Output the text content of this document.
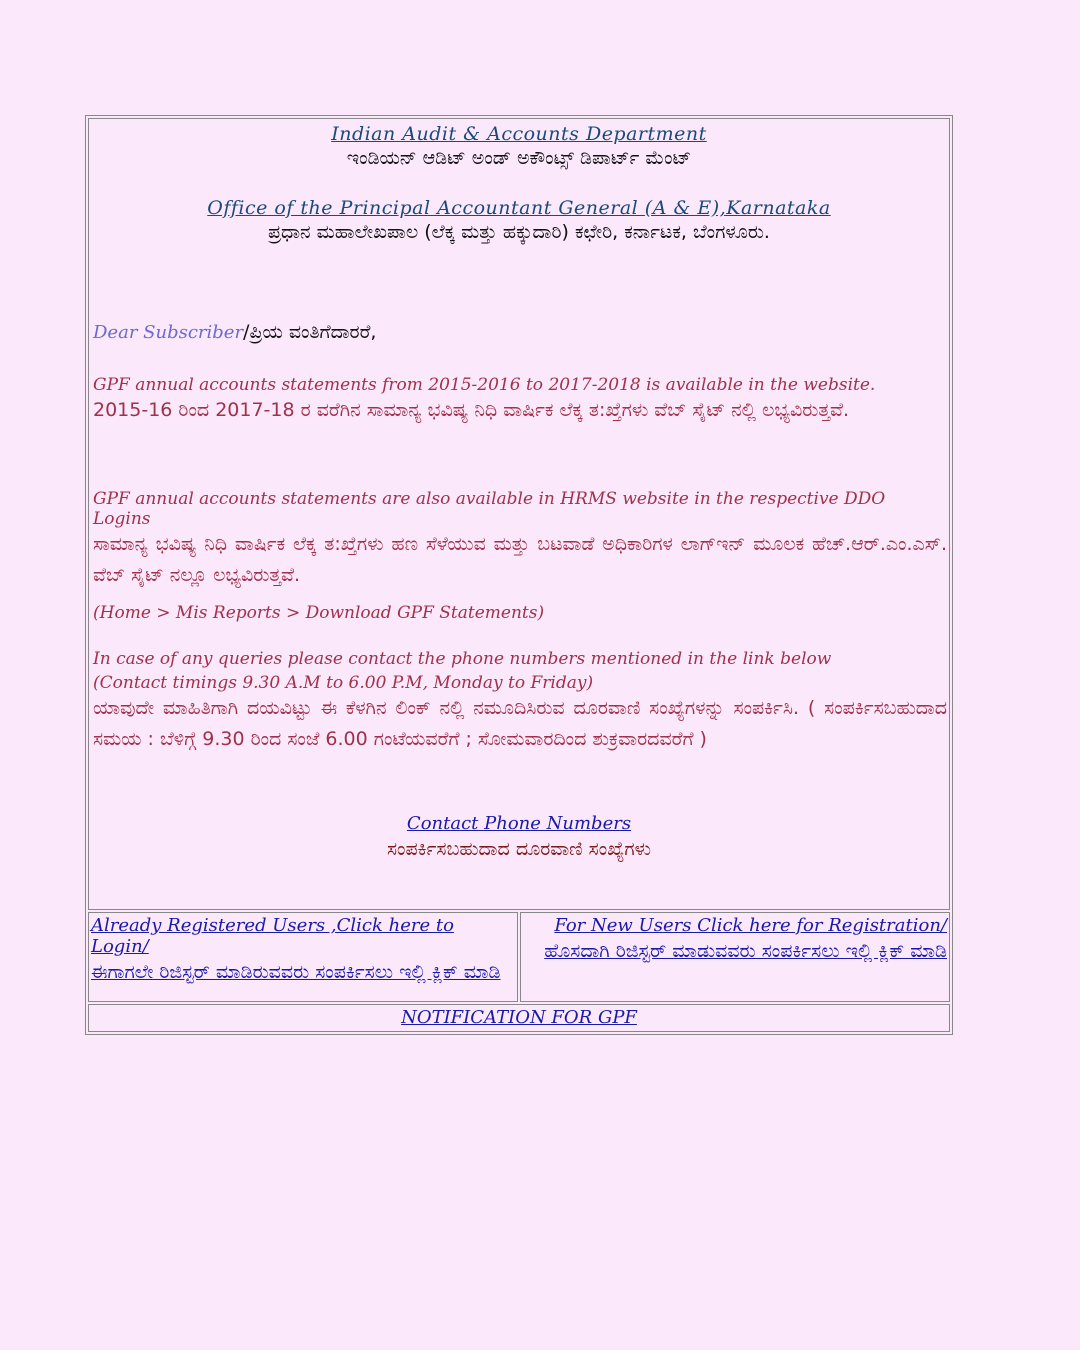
Indian Audit & Accounts Department
ಇಂಡಿಯನ್ ಆಡಿಟ್ ಅಂಡ್ ಅಕೌಂಟ್ಸ್ ಡಿಪಾರ್ಟ್ ಮೆಂಟ್
Office of the Principal Accountant General (A & E),Karnataka
ಪ್ರಧಾನ ಮಹಾಲೇಖಪಾಲ (ಲೆಕ್ಕ ಮತ್ತು ಹಕ್ಕುದಾರಿ) ಕಛೇರಿ, ಕರ್ನಾಟಕ, ಬೆಂಗಳೂರು.
Dear Subscriber/ಪ್ರಿಯ ವಂತಿಗೆದಾರರೆ,
GPF annual accounts statements from 2015-2016 to 2017-2018 is available in the website.
2015-16 ರಿಂದ 2017-18 ರ ವರೆಗಿನ ಸಾಮಾನ್ಯ ಭವಿಷ್ಯ ನಿಧಿ ವಾರ್ಷಿಕ ಲೆಕ್ಕ ತ:ಖ್ತೆಗಳು ವೆಬ್ ಸೈಟ್ ನಲ್ಲಿ ಲಭ್ಯವಿರುತ್ತವೆ.
GPF annual accounts statements are also available in HRMS website in the respective DDO Logins
ಸಾಮಾನ್ಯ ಭವಿಷ್ಯ ನಿಧಿ ವಾರ್ಷಿಕ ಲೆಕ್ಕ ತ:ಖ್ತೆಗಳು ಹಣ ಸೆಳೆಯುವ ಮತ್ತು ಬಟವಾಡೆ ಅಧಿಕಾರಿಗಳ ಲಾಗ್ಇನ್ ಮೂಲಕ ಹೆಚ್.ಆರ್.ಎಂ.ಎಸ್. ವೆಬ್ ಸೈಟ್ ನಲ್ಲೂ ಲಭ್ಯವಿರುತ್ತವೆ.
(Home > Mis Reports > Download GPF Statements)
In case of any queries please contact the phone numbers mentioned in the link below
(Contact timings 9.30 A.M to 6.00 P.M, Monday to Friday)
ಯಾವುದೇ ಮಾಹಿತಿಗಾಗಿ ದಯವಿಟ್ಟು ಈ ಕೆಳಗಿನ ಲಿಂಕ್ ನಲ್ಲಿ ನಮೂದಿಸಿರುವ ದೂರವಾಣಿ ಸಂಖ್ಯೆಗಳನ್ನು ಸಂಪರ್ಕಿಸಿ. ( ಸಂಪರ್ಕಿಸಬಹುದಾದ ಸಮಯ : ಬೆಳಿಗ್ಗೆ 9.30 ರಿಂದ ಸಂಜೆ 6.00 ಗಂಟೆಯವರೆಗೆ ; ಸೋಮವಾರದಿಂದ ಶುಕ್ರವಾರದವರೆಗೆ )
Contact Phone Numbers
ಸಂಪರ್ಕಿಸಬಹುದಾದ ದೂರವಾಣಿ ಸಂಖ್ಯೆಗಳು
Already Registered Users ,Click here to Login/
ಈಗಾಗಲೇ ರಿಜಿಸ್ಟರ್ ಮಾಡಿರುವವರು ಸಂಪರ್ಕಿಸಲು ಇಲ್ಲಿ ಕ್ಲಿಕ್ ಮಾಡಿ
For New Users Click here for Registration/
ಹೊಸದಾಗಿ ರಿಜಿಸ್ಟರ್ ಮಾಡುವವರು ಸಂಪರ್ಕಿಸಲು ಇಲ್ಲಿ ಕ್ಲಿಕ್ ಮಾಡಿ
NOTIFICATION FOR GPF
